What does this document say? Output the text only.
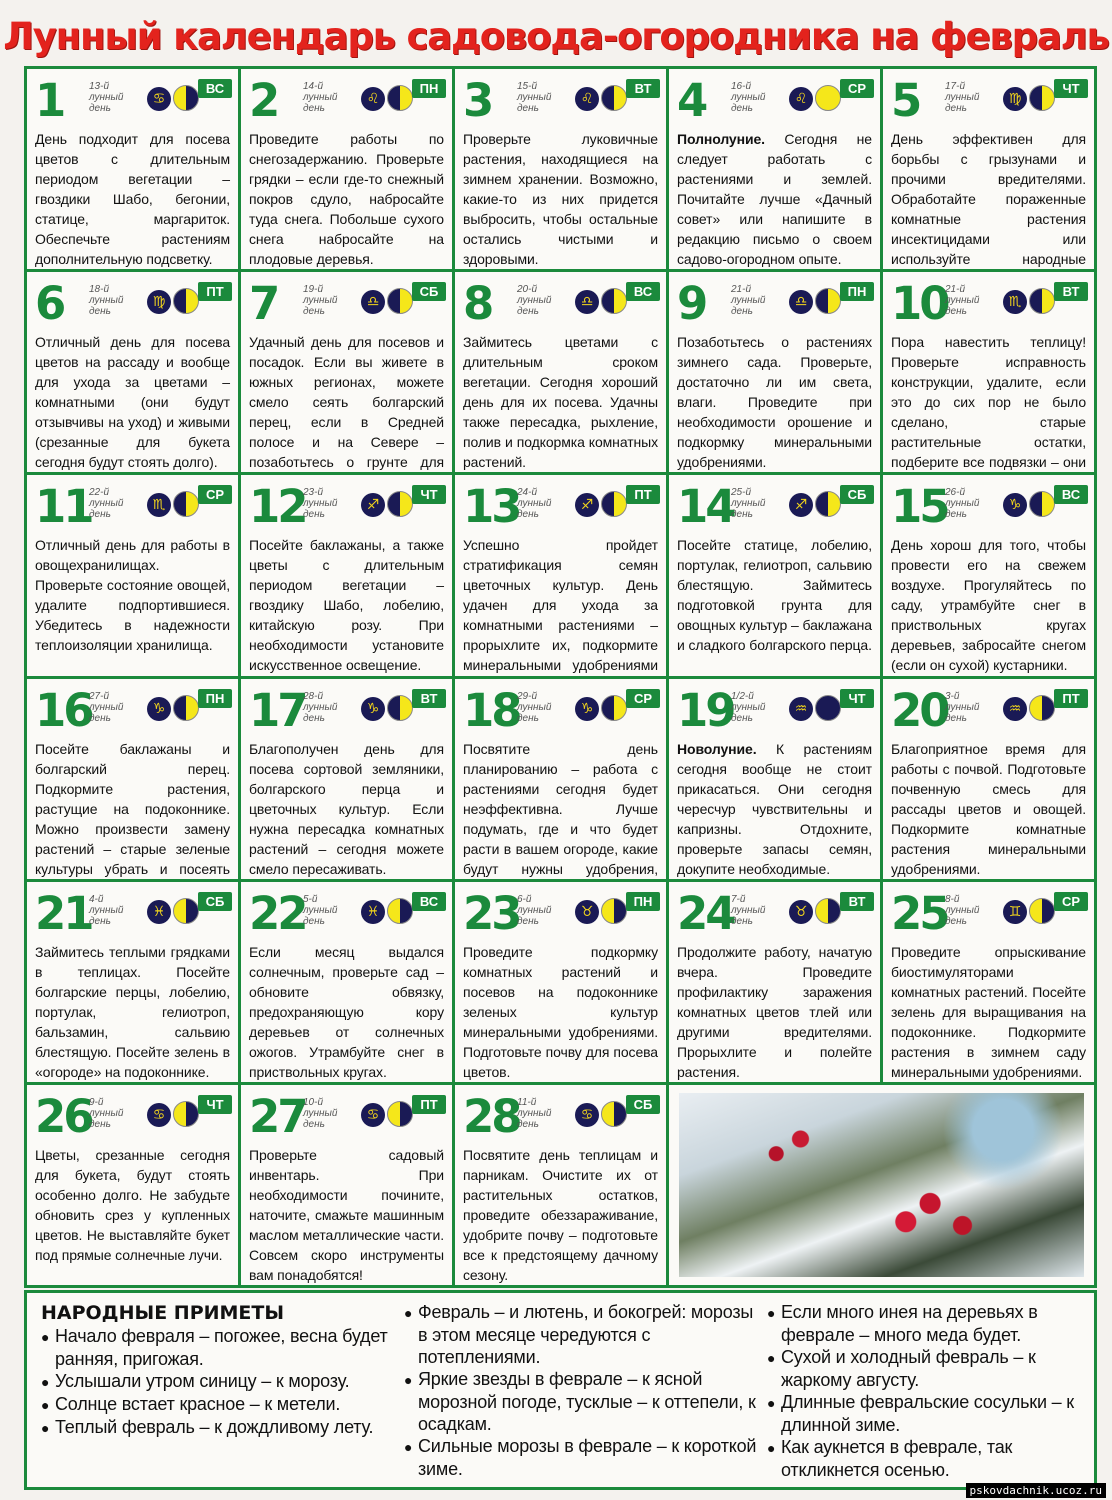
Лунный календарь садовода-огородника на февраль
1	13-й
лунный
день
♋
ВС
День подходит для посева цветов с длительным периодом вегетации – гвоздики Шабо, бегонии, статице, маргариток. Обеспечьте растениям дополнительную подсветку.
2	14-й
лунный
день
♌
ПН
Проведите работы по снегозадержанию. Проверьте грядки – если где-то снежный покров сдуло, набросайте туда снега. Побольше сухого снега набросайте на плодовые деревья.
3	15-й
лунный
день
♌
ВТ
Проверьте луковичные растения, находящиеся на зимнем хранении. Возможно, какие-то из них придется выбросить, чтобы остальные остались чистыми и здоровыми.
4	16-й
лунный
день
♌
СР
Полнолуние. Сегодня не следует работать с растениями и землей. Почитайте лучше «Дачный совет» или напишите в редакцию письмо о своем садово-огородном опыте.
5	17-й
лунный
день
♍
ЧТ
День эффективен для борьбы с грызунами и прочими вредителями. Обработайте пораженные комнатные растения инсектицидами или используйте народные
6	18-й
лунный
день
♍
ПТ
Отличный день для посева цветов на рассаду и вообще для ухода за цветами – комнатными (они будут отзывчивы на уход) и живыми (срезанные для букета сегодня будут стоять долго).
7	19-й
лунный
день
♎
СБ
Удачный день для посевов и посадок. Если вы живете в южных регионах, можете смело сеять болгарский перец, если в Средней полосе и на Севере – позаботьтесь о грунте для
8	20-й
лунный
день
♎
ВС
Займитесь цветами с длительным сроком вегетации. Сегодня хороший день для их посева. Удачны также пересадка, рыхление, полив и подкормка комнатных растений.
9	21-й
лунный
день
♎
ПН
Позаботьтесь о растениях зимнего сада. Проверьте, достаточно ли им света, влаги. Проведите при необходимости орошение и подкормку минеральными удобрениями.
10
21-й
лунный
день
♏
ВТ
Пора навестить теплицу! Проверьте исправность конструкции, удалите, если это до сих пор не было сделано, старые растительные остатки, подберите все подвязки – они
11
22-й
лунный
день
♏
СР
Отличный день для работы в овощехранилищах. Проверьте состояние овощей, удалите подпортившиеся. Убедитесь в надежности теплоизоляции хранилища.
12
23-й
лунный
день
♐
ЧТ
Посейте баклажаны, а также цветы с длительным периодом вегетации – гвоздику Шабо, лобелию, китайскую розу. При необходимости установите искусственное освещение.
13
24-й
лунный
день
♐
ПТ
Успешно пройдет стратификация семян цветочных культур. День удачен для ухода за комнатными растениями – прорыхлите их, подкормите минеральными удобрениями
14
25-й
лунный
день
♐
СБ
Посейте статице, лобелию, портулак, гелиотроп, сальвию блестящую. Займитесь подготовкой грунта для овощных культур – баклажана и сладкого болгарского перца.
15
26-й
лунный
день
♑
ВС
День хорош для того, чтобы провести его на свежем воздухе. Прогуляйтесь по саду, утрамбуйте снег в приствольных кругах деревьев, забросайте снегом (если он сухой) кустарники.
16
27-й
лунный
день
♑
ПН
Посейте баклажаны и болгарский перец. Подкормите растения, растущие на подоконнике. Можно произвести замену растений – старые зеленые культуры убрать и посеять
17
28-й
лунный
день
♑
ВТ
Благополучен день для посева сортовой земляники, болгарского перца и цветочных культур. Если нужна пересадка комнатных растений – сегодня можете смело пересаживать.
18
29-й
лунный
день
♑
СР
Посвятите день планированию – работа с растениями сегодня будет неэффективна. Лучше подумать, где и что будет расти в вашем огороде, какие будут нужны удобрения,
19
1/2-й
лунный
день
♒
ЧТ
Новолуние. К растениям сегодня вообще не стоит прикасаться. Они сегодня чересчур чувствительны и капризны. Отдохните, проверьте запасы семян, докупите необходимые.
20
3-й
лунный
день
♒
ПТ
Благоприятное время для работы с почвой. Подготовьте почвенную смесь для рассады цветов и овощей. Подкормите комнатные растения минеральными удобрениями.
21
4-й
лунный
день
♓
СБ
Займитесь теплыми грядками в теплицах. Посейте болгарские перцы, лобелию, портулак, гелиотроп, бальзамин, сальвию блестящую. Посейте зелень в «огороде» на подоконнике.
22
5-й
лунный
день
♓
ВС
Если месяц выдался солнечным, проверьте сад – обновите обвязку, предохраняющую кору деревьев от солнечных ожогов. Утрамбуйте снег в приствольных кругах.
23
6-й
лунный
день
♉
ПН
Проведите подкормку комнатных растений и посевов на подоконнике зеленых культур минеральными удобрениями. Подготовьте почву для посева цветов.
24
7-й
лунный
день
♉
ВТ
Продолжите работу, начатую вчера. Проведите профилактику заражения комнатных цветов тлей или другими вредителями. Прорыхлите и полейте растения.
25
8-й
лунный
день
♊
СР
Проведите опрыскивание биостимуляторами комнатных растений. Посейте зелень для выращивания на подоконнике. Подкормите растения в зимнем саду минеральными удобрениями.
26
9-й
лунный
день
♋
ЧТ
Цветы, срезанные сегодня для букета, будут стоять особенно долго. Не забудьте обновить срез у купленных цветов. Не выставляйте букет под прямые солнечные лучи.
27
10-й
лунный
день
♋
ПТ
Проверьте садовый инвентарь. При необходимости почините, наточите, смажьте машинным маслом металлические части. Совсем скоро инструменты вам понадобятся!
28
11-й
лунный
день
♋
СБ
Посвятите день теплицам и парникам. Очистите их от растительных остатков, проведите обеззараживание, удобрите почву – подготовьте все к предстоящему дачному сезону.
НАРОДНЫЕ ПРИМЕТЫ
● Начало февраля – погожее, весна будет ранняя, пригожая.
● Услышали утром синицу – к морозу.
● Солнце встает красное – к метели.
● Теплый февраль – к дождливому лету.
● Февраль – и лютень, и бокогрей: морозы в этом месяце чередуются с потеплениями.
● Яркие звезды в феврале – к ясной морозной погоде, тусклые – к оттепели, к осадкам.
● Сильные морозы в феврале – к короткой зиме.
● Если много инея на деревьях в феврале – много меда будет.
● Сухой и холодный февраль – к жаркому августу.
● Длинные февральские сосульки – к длинной зиме.
● Как аукнется в феврале, так откликнется осенью.
pskovdachnik.ucoz.ru
